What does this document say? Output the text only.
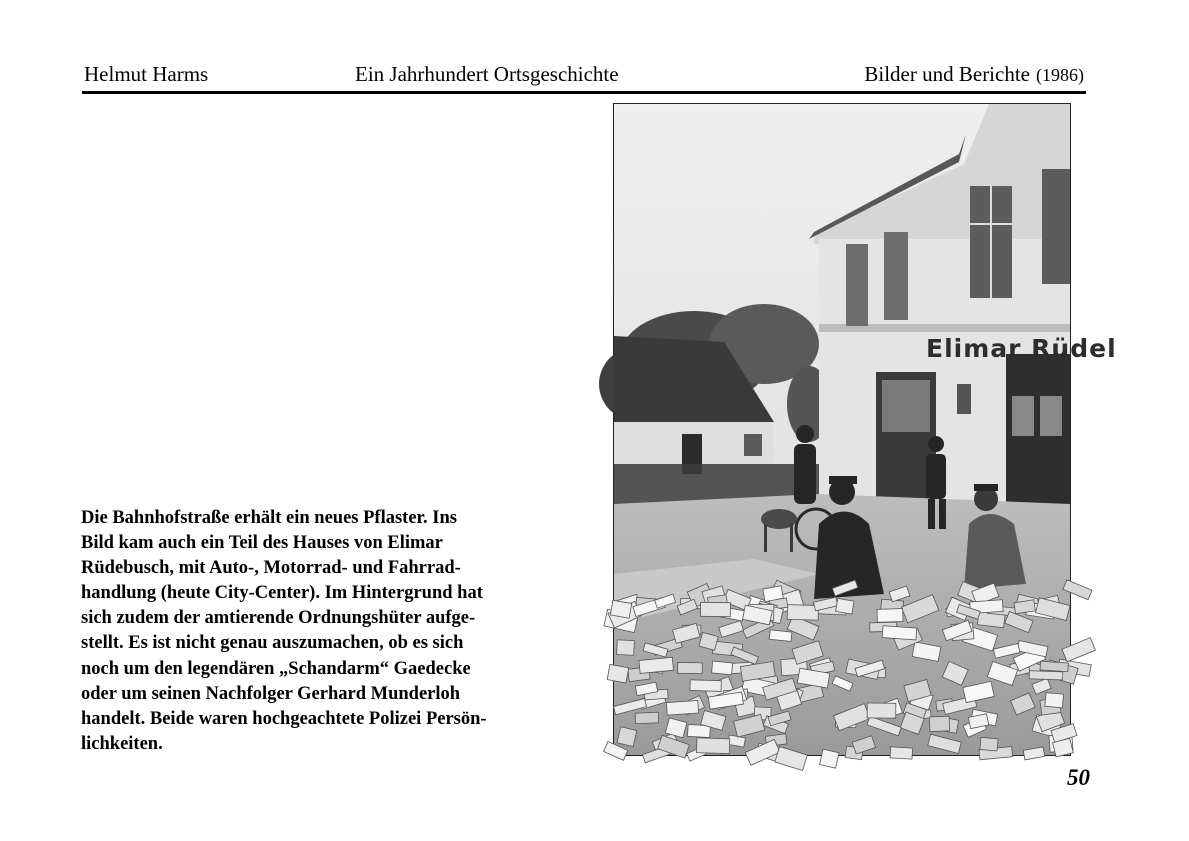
Helmut Harms	Ein Jahrhundert Ortsgeschichte	Bilder und Berichte (1986)
Die Bahnhofstraße erhält ein neues Pflaster. Ins
Bild kam auch ein Teil des Hauses von Elimar
Rüdebusch, mit Auto-, Motorrad- und Fahrrad-
handlung (heute City-Center). Im Hintergrund hat
sich zudem der amtierende Ordnungshüter aufge-
stellt. Es ist nicht genau auszumachen, ob es sich
noch um den legendären „Schandarm“ Gaedecke
oder um seinen Nachfolger Gerhard Munderloh
handelt. Beide waren hochgeachtete Polizei Persön-
lichkeiten.
Elimar Rüdel
50
